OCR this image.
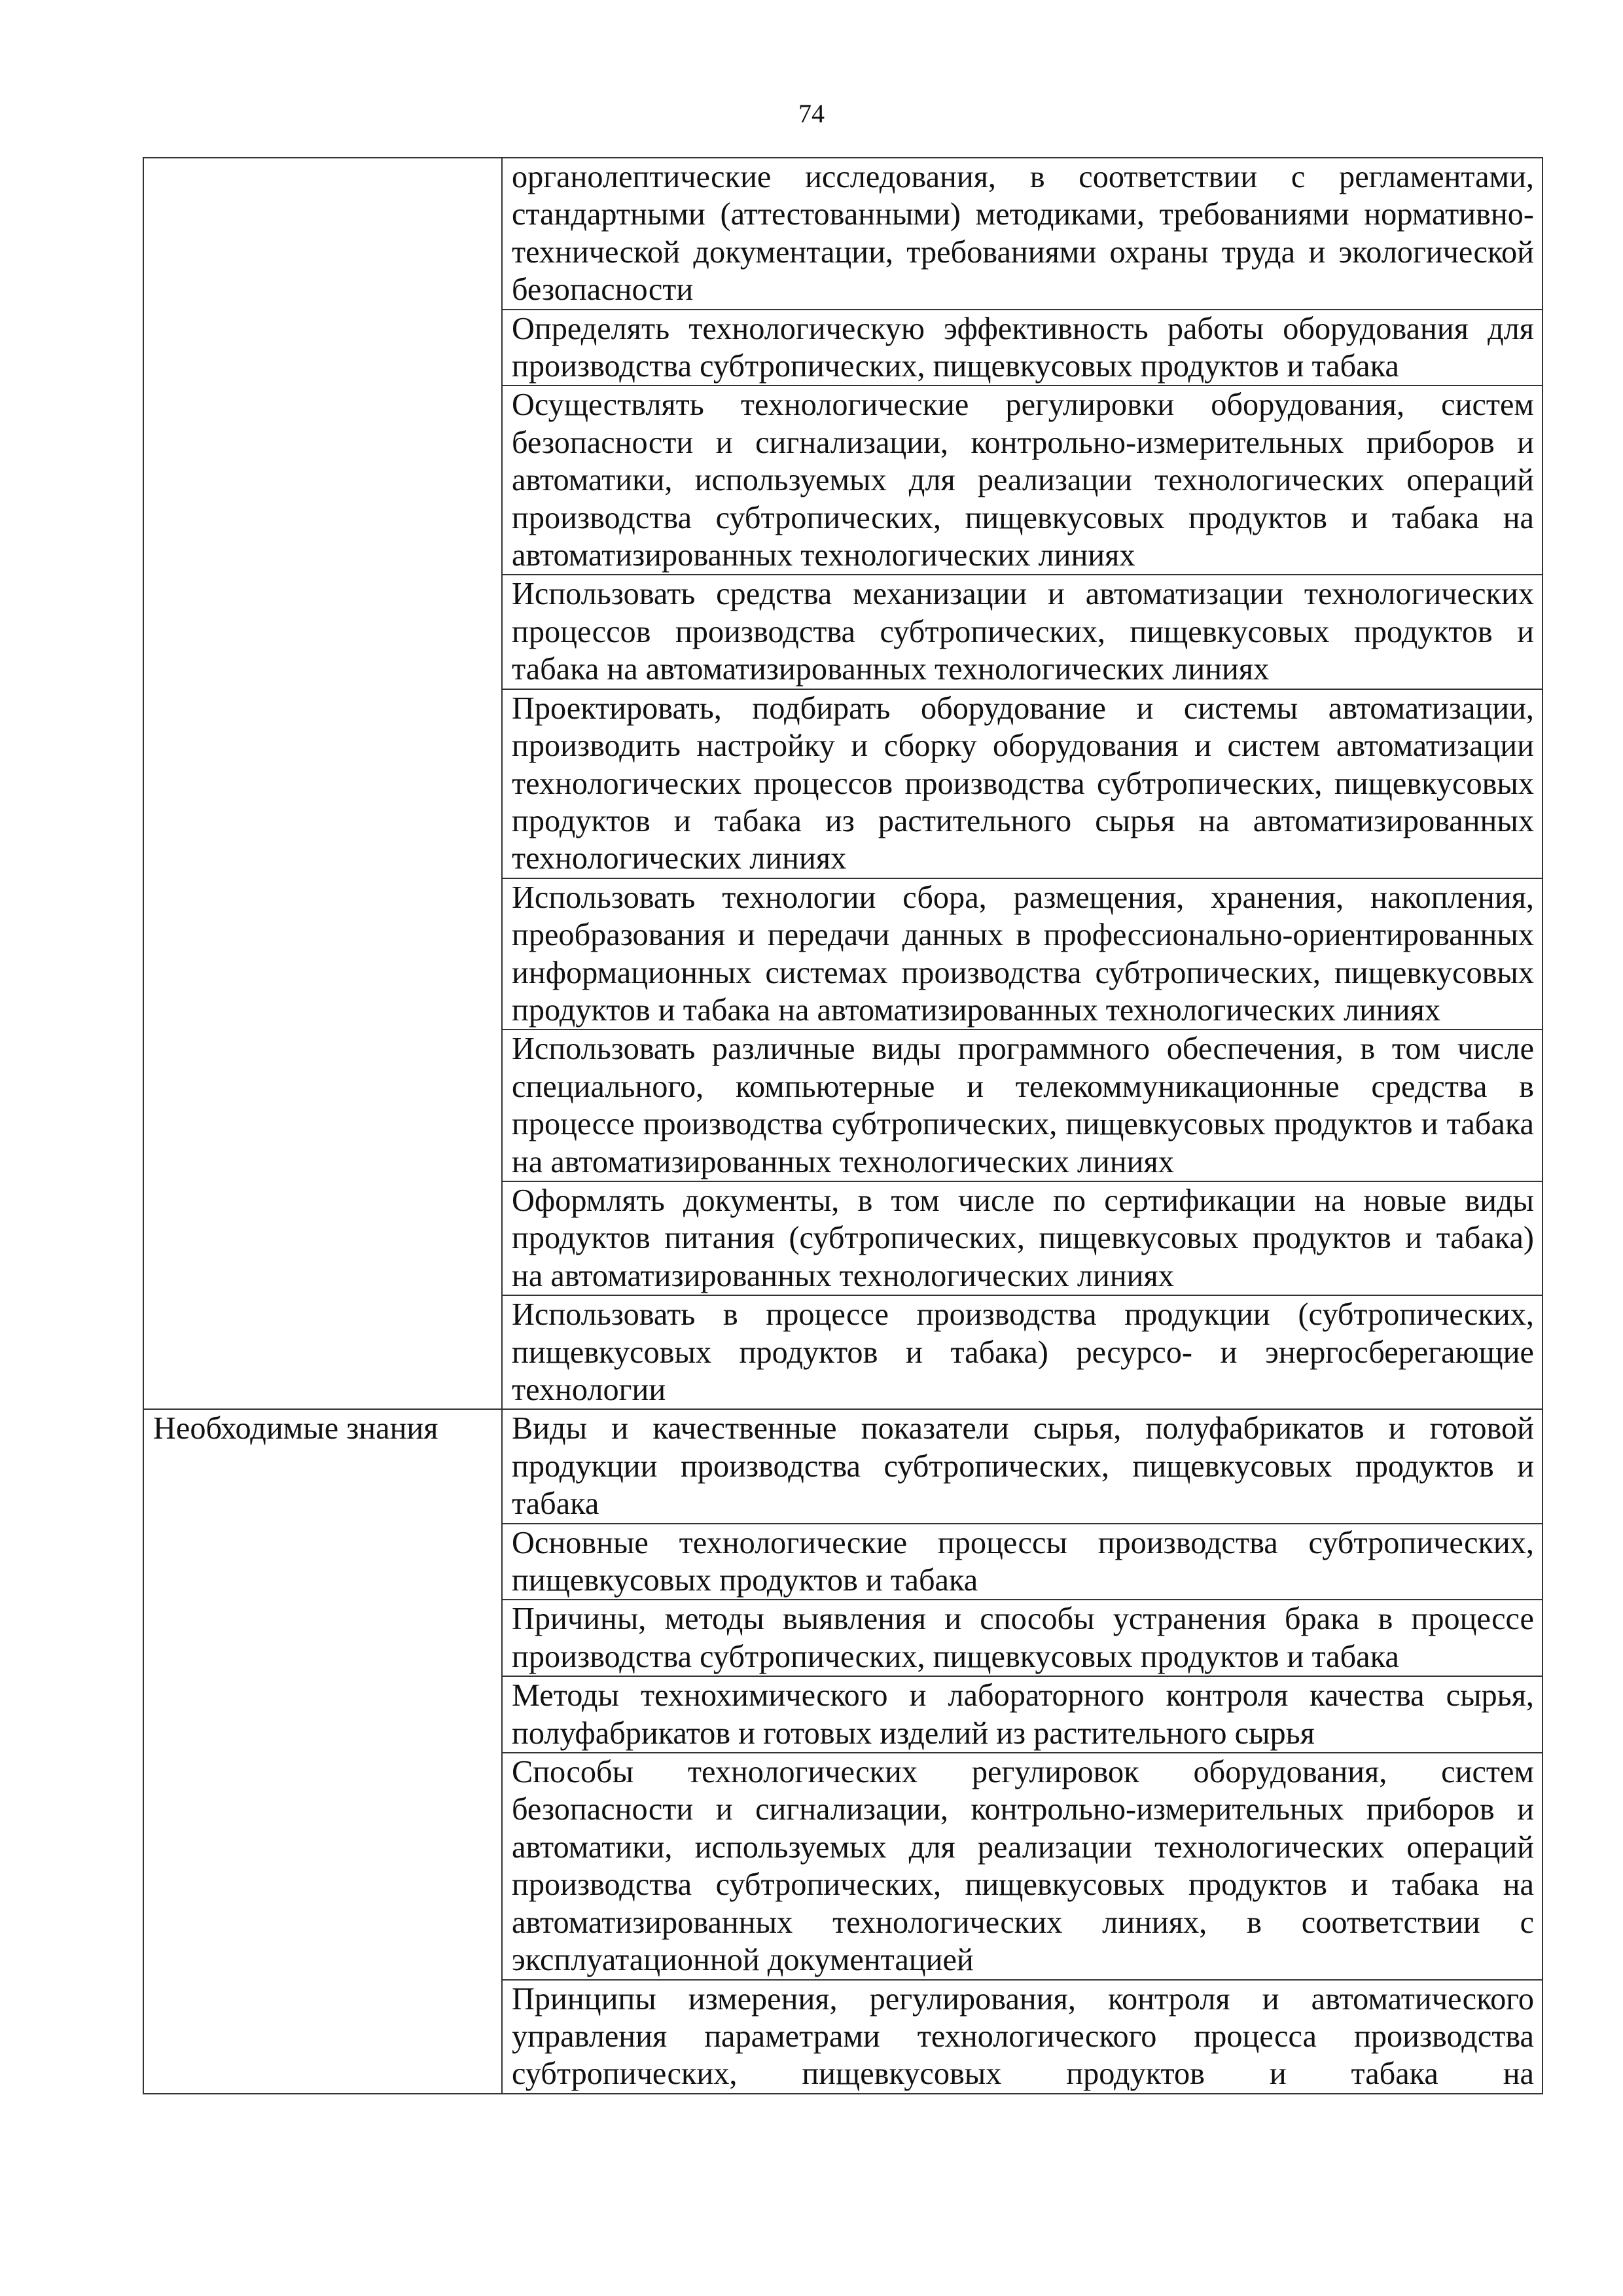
74
	органолептические исследования, в соответствии с регламентами, стандартными (аттестованными) методиками, требованиями нормативно-технической документации, требованиями охраны труда и экологической безопасности
	Определять технологическую эффективность работы оборудования для производства субтропических, пищевкусовых продуктов и табака
	Осуществлять технологические регулировки оборудования, систем безопасности и сигнализации, контрольно-измерительных приборов и автоматики, используемых для реализации технологических операций производства субтропических, пищевкусовых продуктов и табака на автоматизированных технологических линиях
	Использовать средства механизации и автоматизации технологических процессов производства субтропических, пищевкусовых продуктов и табака на автоматизированных технологических линиях
	Проектировать, подбирать оборудование и системы автоматизации, производить настройку и сборку оборудования и систем автоматизации технологических процессов производства субтропических, пищевкусовых продуктов и табака из растительного сырья на автоматизированных технологических линиях
	Использовать технологии сбора, размещения, хранения, накопления, преобразования и передачи данных в профессионально-ориентированных информационных системах производства субтропических, пищевкусовых продуктов и табака на автоматизированных технологических линиях
	Использовать различные виды программного обеспечения, в том числе специального, компьютерные и телекоммуникационные средства в процессе производства субтропических, пищевкусовых продуктов и табака на автоматизированных технологических линиях
	Оформлять документы, в том числе по сертификации на новые виды продуктов питания (субтропических, пищевкусовых продуктов и табака) на автоматизированных технологических линиях
	Использовать в процессе производства продукции (субтропических, пищевкусовых продуктов и табака) ресурсо- и энергосберегающие технологии
Необходимые знания	Виды и качественные показатели сырья, полуфабрикатов и готовой продукции производства субтропических, пищевкусовых продуктов и табака
	Основные технологические процессы производства субтропических, пищевкусовых продуктов и табака
	Причины, методы выявления и способы устранения брака в процессе производства субтропических, пищевкусовых продуктов и табака
	Методы технохимического и лабораторного контроля качества сырья, полуфабрикатов и готовых изделий из растительного сырья
	Способы технологических регулировок оборудования, систем безопасности и сигнализации, контрольно-измерительных приборов и автоматики, используемых для реализации технологических операций производства субтропических, пищевкусовых продуктов и табака на автоматизированных технологических линиях, в соответствии с эксплуатационной документацией
	Принципы измерения, регулирования, контроля и автоматического управления параметрами технологического процесса производства субтропических, пищевкусовых продуктов и табака на
